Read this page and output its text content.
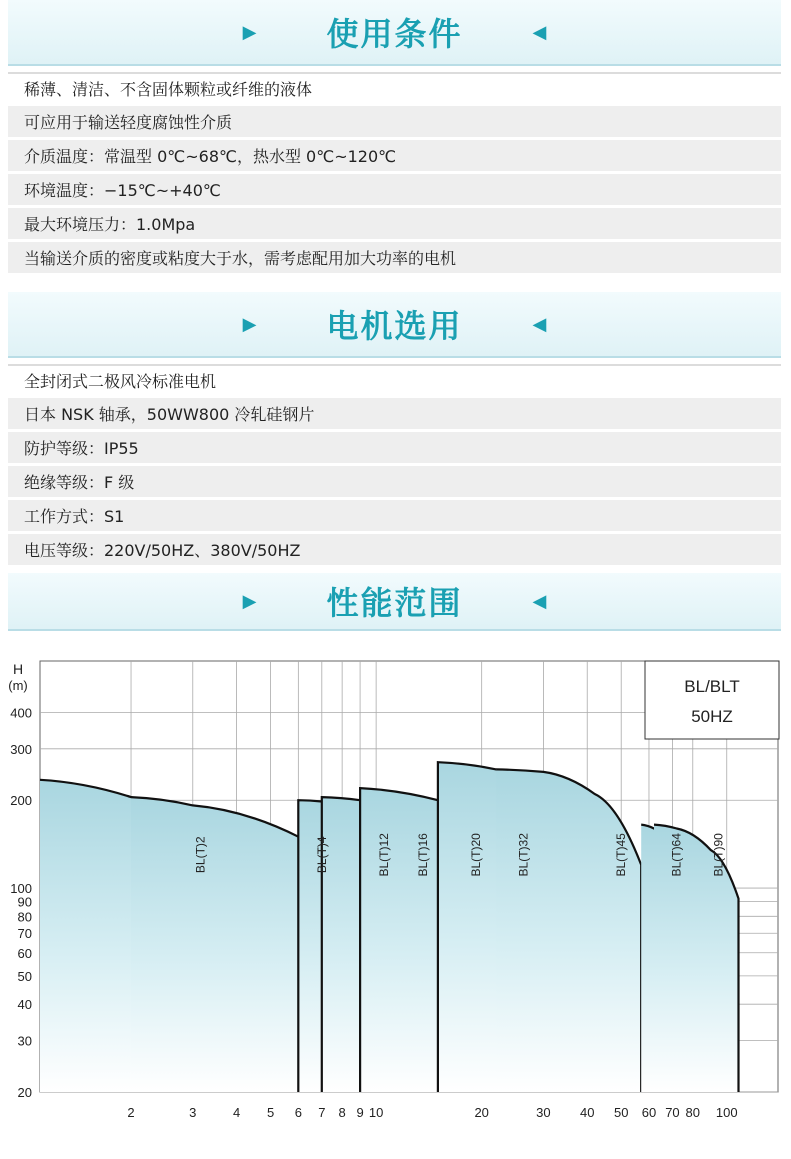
▶ 使用条件	◀
稀薄、清洁、不含固体颗粒或纤维的液体
可应用于输送轻度腐蚀性介质
介质温度：常温型 0℃~68℃，热水型 0℃~120℃
环境温度：−15℃~+40℃
最大环境压力：1.0Mpa
当输送介质的密度或粘度大于水，需考虑配用加大功率的电机
▶ 电机选用	◀
全封闭式二极风冷标准电机
日本 NSK 轴承，50WW800 冷轧硅钢片
防护等级：IP55
绝缘等级：F 级
工作方式：S1
电压等级：220V/50HZ、380V/50HZ
▶ 性能范围	◀
BL(T)2	BL(T)4	BL(T)12 BL(T)16	BL(T)20	BL(T)32	BL(T)45	BL(T)64 BL(T)90
20
30
40
50
60
70
80
90
100
200
300
400
2	3	4 5 6 7 8 9 10	20	30 40 50 60 70 80 100
BL/BLT
50HZ
H
(m)
